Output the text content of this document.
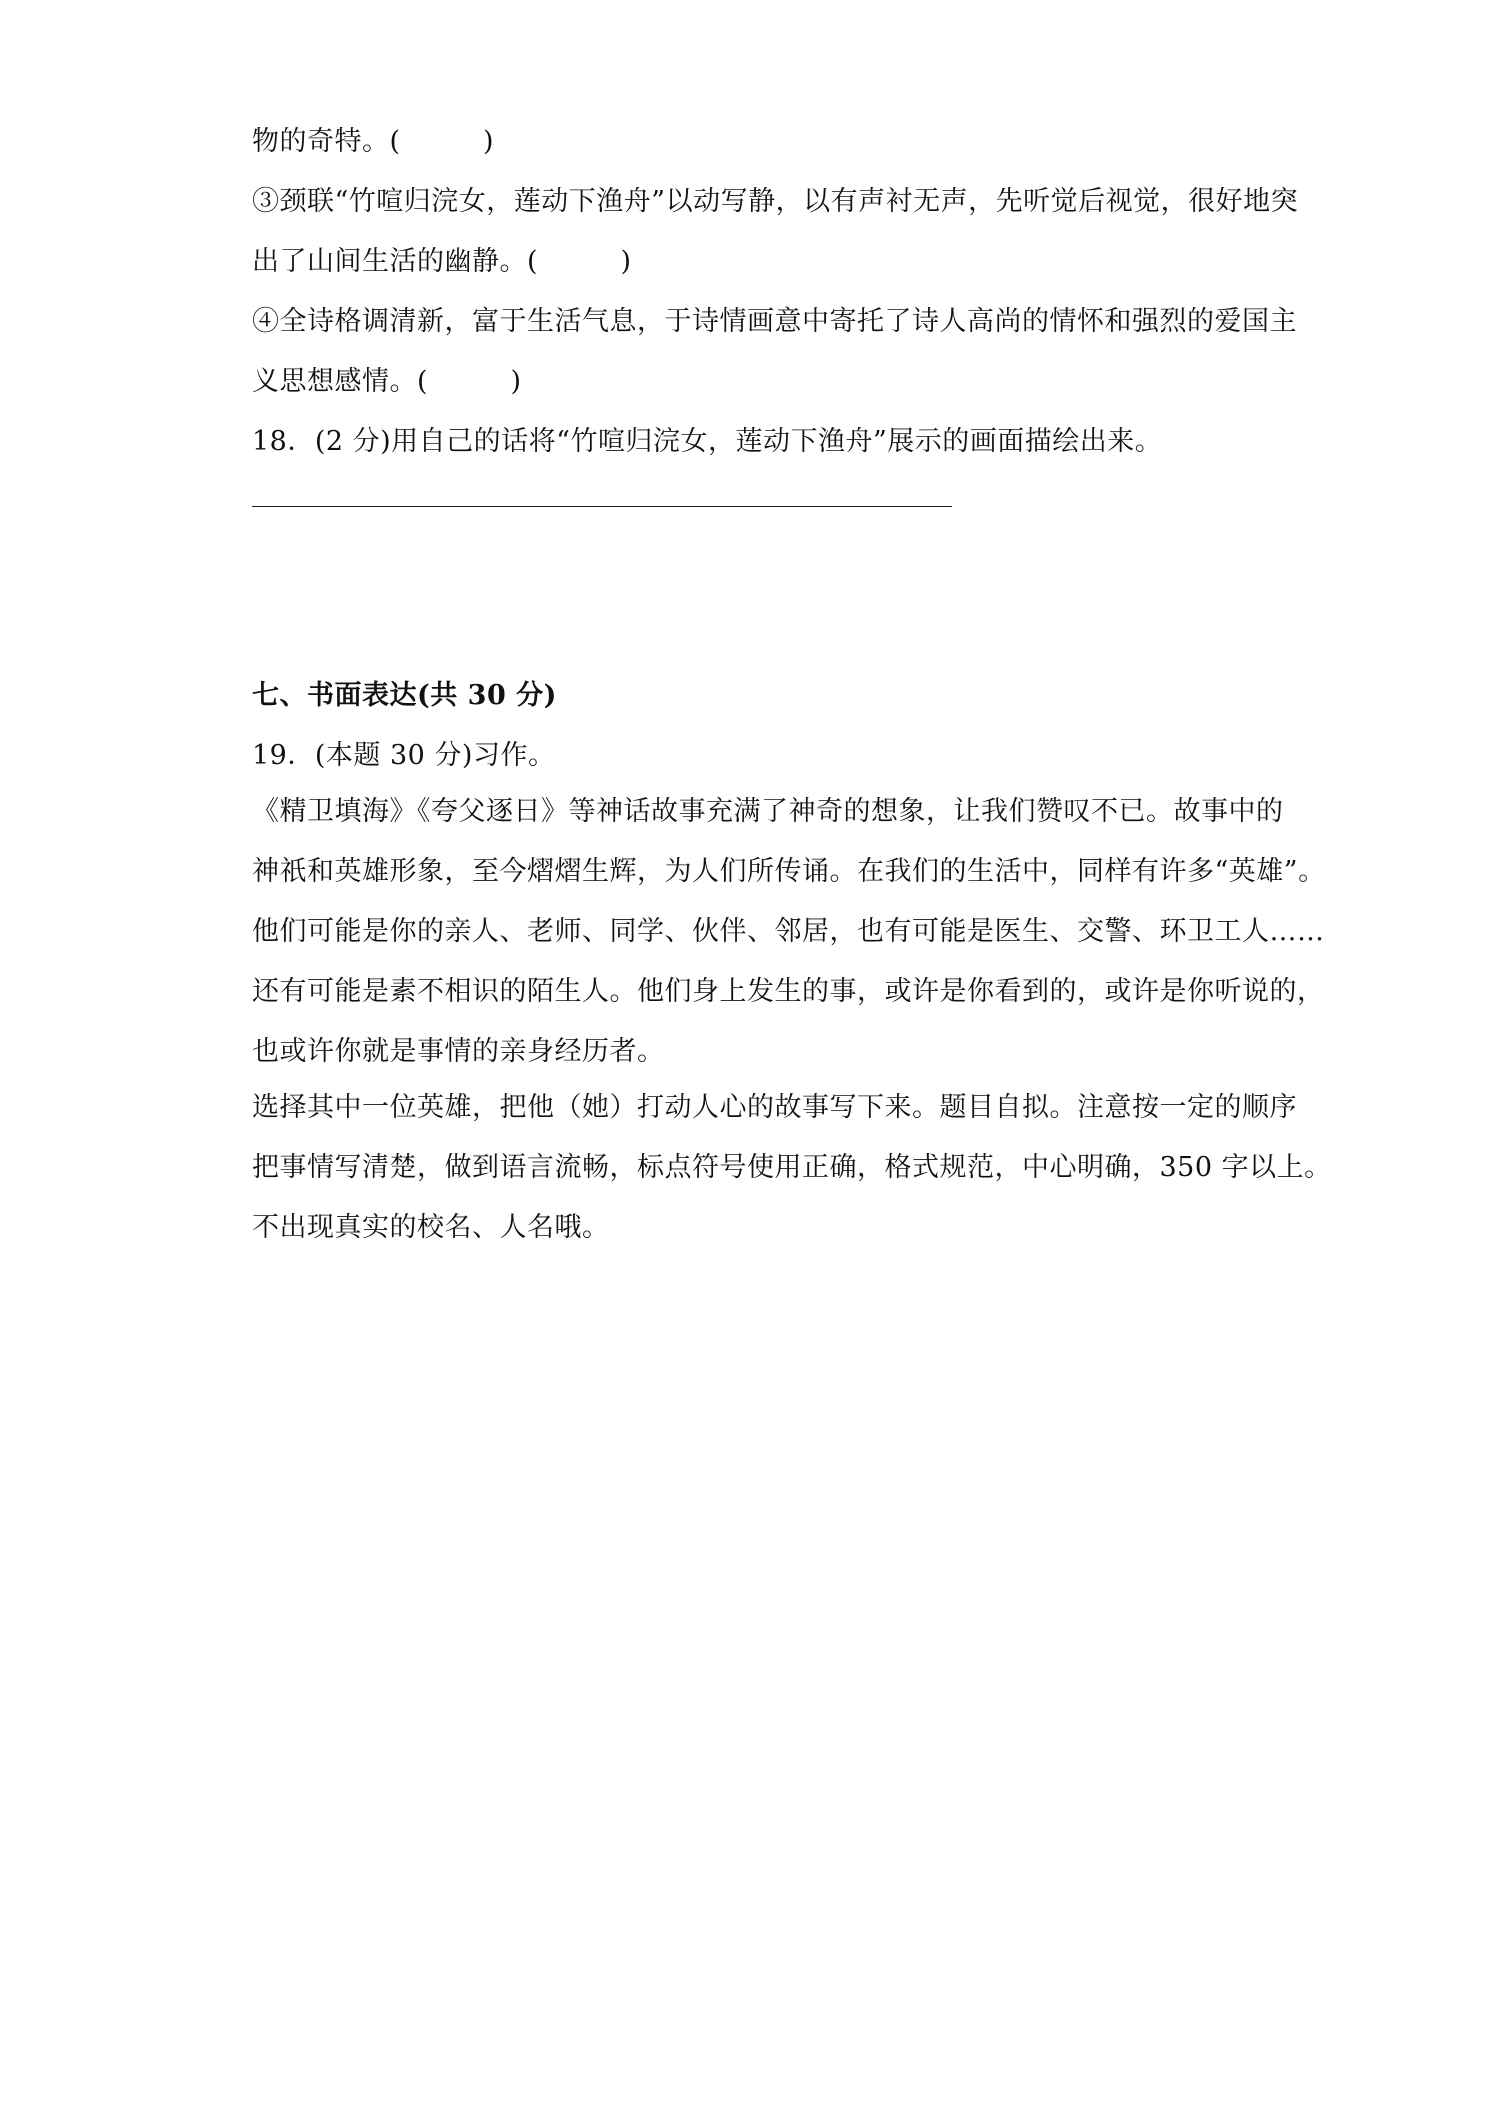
物的奇特。(　　　)
③颈联“竹喧归浣女，莲动下渔舟”以动写静，以有声衬无声，先听觉后视觉，很好地突
出了山间生活的幽静。(　　　)
④全诗格调清新，富于生活气息，于诗情画意中寄托了诗人高尚的情怀和强烈的爱国主
义思想感情。(　　　)
18．(2 分)用自己的话将“竹喧归浣女，莲动下渔舟”展示的画面描绘出来。
七、书面表达(共 30 分)
19．(本题 30 分)习作。
《精卫填海》《夸父逐日》等神话故事充满了神奇的想象，让我们赞叹不已。故事中的
神祇和英雄形象，至今熠熠生辉，为人们所传诵。在我们的生活中，同样有许多“英雄”。
他们可能是你的亲人、老师、同学、伙伴、邻居，也有可能是医生、交警、环卫工人……
还有可能是素不相识的陌生人。他们身上发生的事，或许是你看到的，或许是你听说的，
也或许你就是事情的亲身经历者。
选择其中一位英雄，把他（她）打动人心的故事写下来。题目自拟。注意按一定的顺序
把事情写清楚，做到语言流畅，标点符号使用正确，格式规范，中心明确，350 字以上。
不出现真实的校名、人名哦。
